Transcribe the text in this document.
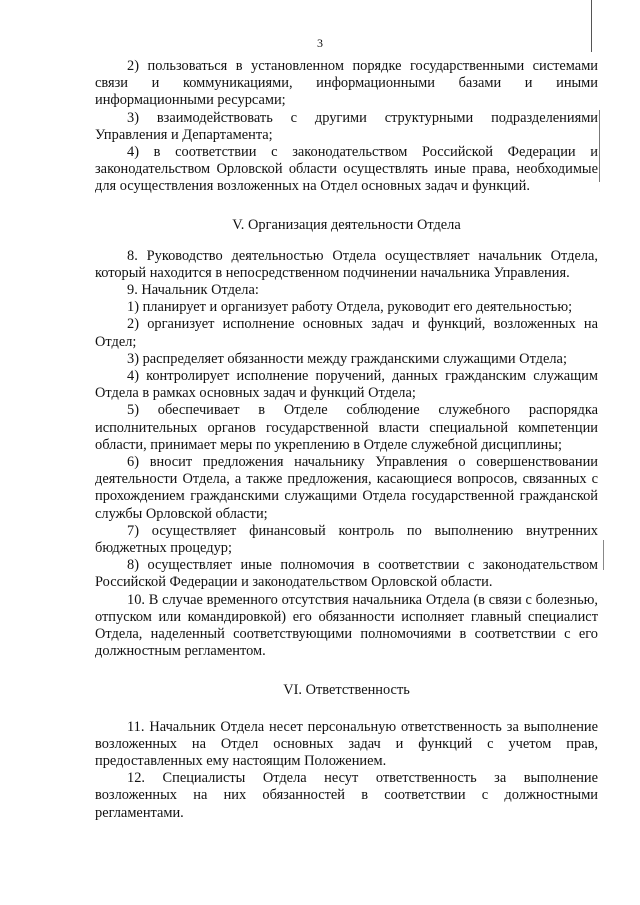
3

2) пользоваться в установленном порядке государственными системами связи и коммуникациями, информационными базами и иными информационными ресурсами;

3) взаимодействовать с другими структурными подразделениями Управления и Департамента;

4) в соответствии с законодательством Российской Федерации и законодательством Орловской области осуществлять иные права, необходимые для осуществления возложенных на Отдел основных задач и функций.

V. Организация деятельности Отдела

8. Руководство деятельностью Отдела осуществляет начальник Отдела, который находится в непосредственном подчинении начальника Управления.

9. Начальник Отдела:

1) планирует и организует работу Отдела, руководит его деятельностью;

2) организует исполнение основных задач и функций, возложенных на Отдел;

3) распределяет обязанности между гражданскими служащими Отдела;

4) контролирует исполнение поручений, данных гражданским служащим Отдела в рамках основных задач и функций Отдела;

5) обеспечивает в Отделе соблюдение служебного распорядка исполнительных органов государственной власти специальной компетенции области, принимает меры по укреплению в Отделе служебной дисциплины;

6) вносит предложения начальнику Управления о совершенствовании деятельности Отдела, а также предложения, касающиеся вопросов, связанных с прохождением гражданскими служащими Отдела государственной гражданской службы Орловской области;

7) осуществляет финансовый контроль по выполнению внутренних бюджетных процедур;

8) осуществляет иные полномочия в соответствии с законодательством Российской Федерации и законодательством Орловской области.

10. В случае временного отсутствия начальника Отдела (в связи с болезнью, отпуском или командировкой) его обязанности исполняет главный специалист Отдела, наделенный соответствующими полномочиями в соответствии с его должностным регламентом.

VI. Ответственность

11. Начальник Отдела несет персональную ответственность за выполнение возложенных на Отдел основных задач и функций с учетом прав, предоставленных ему настоящим Положением.

12. Специалисты Отдела несут ответственность за выполнение возложенных на них обязанностей в соответствии с должностными регламентами.
